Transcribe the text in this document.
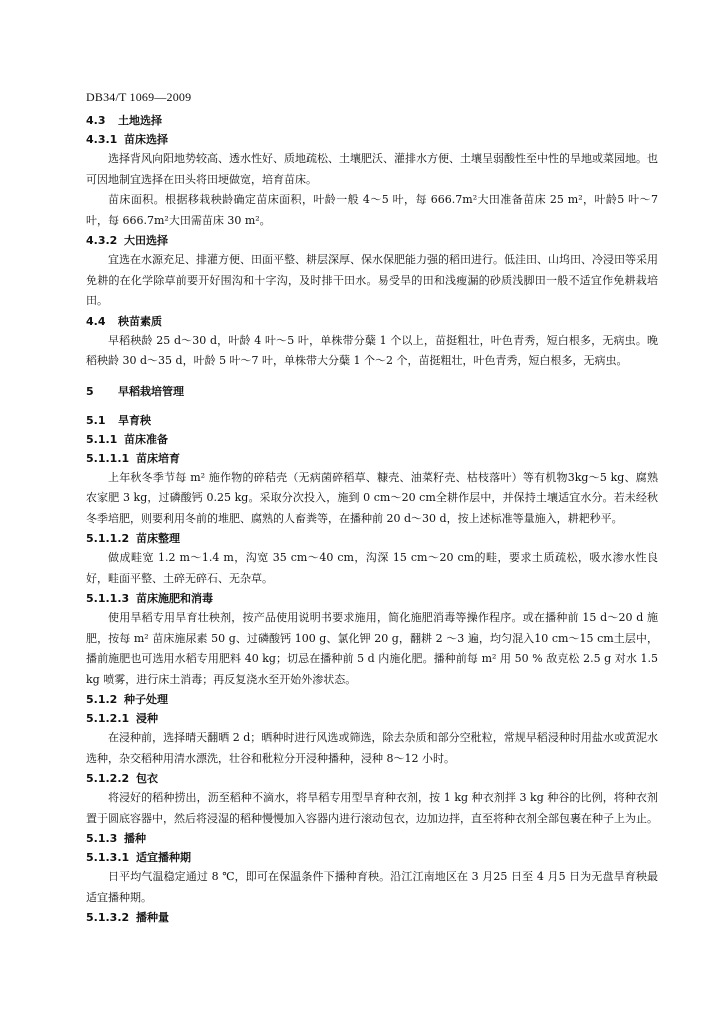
DB34/T 1069—2009
4.3 土地选择
4.3.1 苗床选择

选择背风向阳地势较高、透水性好、质地疏松、土壤肥沃、灌排水方便、土壤呈弱酸性至中性的旱地或菜园地。也可因地制宜选择在田头将田埂做宽，培育苗床。

苗床面积。根据移栽秧龄确定苗床面积，叶龄一般 4～5 叶，每 666.7m²大田准备苗床 25 m²，叶龄5 叶～7 叶，每 666.7m²大田需苗床 30 m²。

4.3.2 大田选择

宜选在水源充足、排灌方便、田面平整、耕层深厚、保水保肥能力强的稻田进行。低洼田、山坞田、冷浸田等采用免耕的在化学除草前要开好围沟和十字沟，及时排干田水。易受旱的田和浅瘦漏的砂质浅脚田一般不适宜作免耕栽培田。

4.4 秧苗素质

早稻秧龄 25 d～30 d，叶龄 4 叶～5 叶，单株带分蘖 1 个以上，苗挺粗壮，叶色青秀，短白根多，无病虫。晚稻秧龄 30 d～35 d，叶龄 5 叶～7 叶，单株带大分蘖 1 个～2 个，苗挺粗壮，叶色青秀，短白根多，无病虫。

5 早稻栽培管理
5.1 旱育秧
5.1.1 苗床准备
5.1.1.1 苗床培育

上年秋冬季节每 m² 施作物的碎秸壳（无病菌碎稻草、糠壳、油菜籽壳、枯枝落叶）等有机物3kg～5 kg、腐熟农家肥 3 kg，过磷酸钙 0.25 kg。采取分次投入，施到 0 cm～20 cm全耕作层中，并保持土壤适宜水分。若未经秋冬季培肥，则要利用冬前的堆肥、腐熟的人畜粪等，在播种前 20 d～30 d，按上述标准等量施入，耕耙秒平。

5.1.1.2 苗床整理

做成畦宽 1.2 m～1.4 m，沟宽 35 cm～40 cm，沟深 15 cm～20 cm的畦，要求土质疏松，吸水渗水性良好，畦面平整、土碎无碎石、无杂草。

5.1.1.3 苗床施肥和消毒

使用旱稻专用旱育壮秧剂，按产品使用说明书要求施用，简化施肥消毒等操作程序。或在播种前 15 d～20 d 施肥，按每 m² 苗床施尿素 50 g、过磷酸钙 100 g、氯化钾 20 g，翻耕 2 ～3 遍，均匀混入10 cm～15 cm土层中，播前施肥也可选用水稻专用肥料 40 kg；切忌在播种前 5 d 内施化肥。播种前每 m² 用 50 % 敌克松 2.5 g 对水 1.5 kg 喷雾，进行床土消毒；再反复浇水至开始外渗状态。

5.1.2 种子处理
5.1.2.1 浸种

在浸种前，选择晴天翻晒 2 d；晒种时进行风选或筛选，除去杂质和部分空秕粒，常规早稻浸种时用盐水或黄泥水选种，杂交稻种用清水漂洗，壮谷和秕粒分开浸种播种，浸种 8～12 小时。

5.1.2.2 包衣

将浸好的稻种捞出，沥至稻种不滴水，将旱稻专用型旱育种衣剂，按 1 kg 种衣剂拌 3 kg 种谷的比例，将种衣剂置于圆底容器中，然后将浸湿的稻种慢慢加入容器内进行滚动包衣，边加边拌，直至将种衣剂全部包裹在种子上为止。

5.1.3 播种
5.1.3.1 适宜播种期

日平均气温稳定通过 8 ℃，即可在保温条件下播种育秧。沿江江南地区在 3 月25 日至 4 月5 日为无盘旱育秧最适宜播种期。

5.1.3.2 播种量
